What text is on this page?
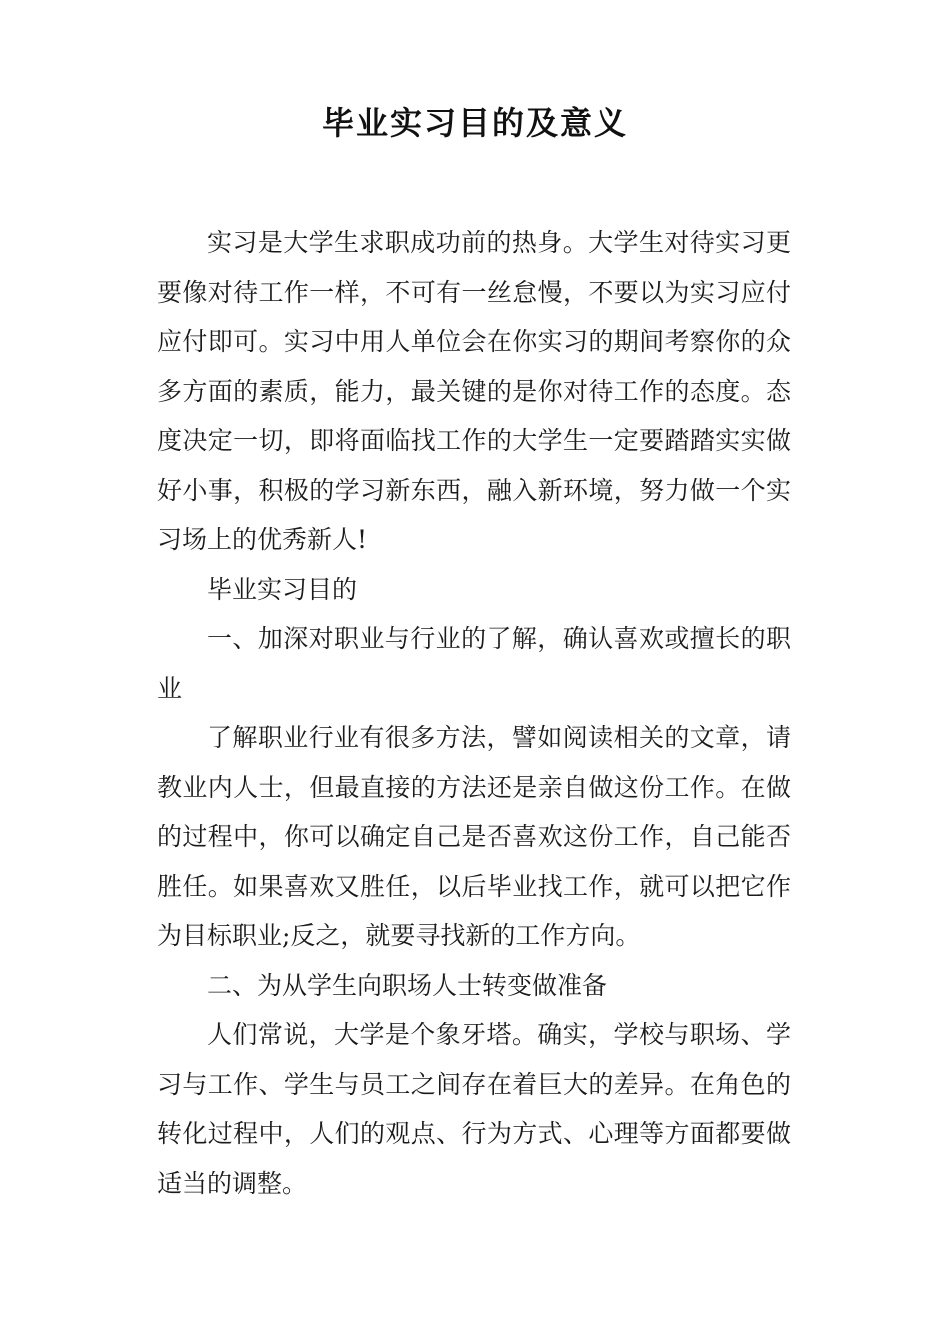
毕业实习目的及意义

实习是大学生求职成功前的热身。大学生对待实习更要像对待工作一样，不可有一丝怠慢，不要以为实习应付应付即可。实习中用人单位会在你实习的期间考察你的众多方面的素质，能力，最关键的是你对待工作的态度。态度决定一切，即将面临找工作的大学生一定要踏踏实实做好小事，积极的学习新东西，融入新环境，努力做一个实习场上的优秀新人!

毕业实习目的

一、加深对职业与行业的了解，确认喜欢或擅长的职业

了解职业行业有很多方法，譬如阅读相关的文章，请教业内人士，但最直接的方法还是亲自做这份工作。在做的过程中，你可以确定自己是否喜欢这份工作，自己能否胜任。如果喜欢又胜任，以后毕业找工作，就可以把它作为目标职业;反之，就要寻找新的工作方向。

二、为从学生向职场人士转变做准备

人们常说，大学是个象牙塔。确实，学校与职场、学习与工作、学生与员工之间存在着巨大的差异。在角色的转化过程中，人们的观点、行为方式、心理等方面都要做适当的调整。
